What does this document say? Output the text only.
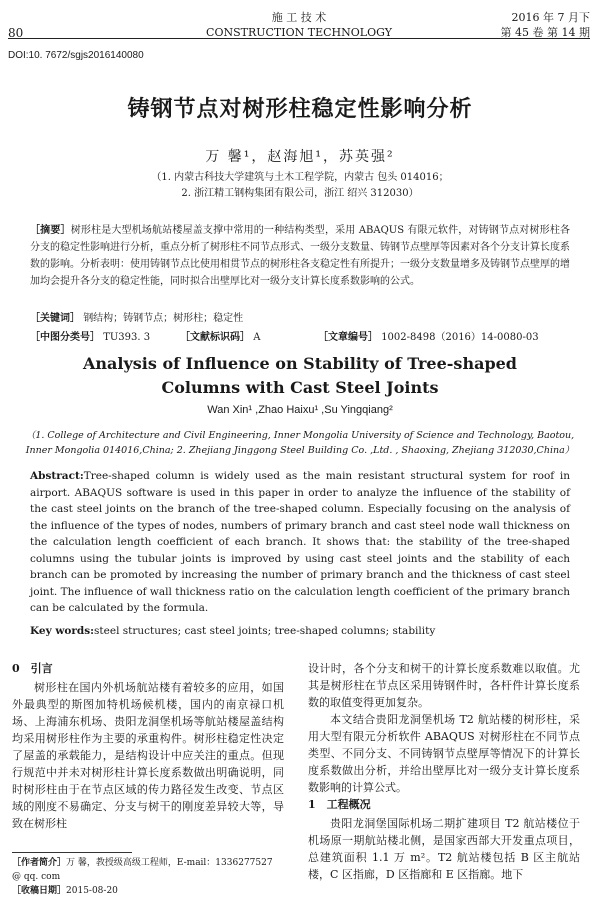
80
施 工 技 术
CONSTRUCTION TECHNOLOGY
2016 年 7 月下
第 45 卷 第 14 期
DOI:10. 7672/sgjs2016140080
铸钢节点对树形柱稳定性影响分析
万 馨¹，赵海旭¹，苏英强²
（1. 内蒙古科技大学建筑与土木工程学院，内蒙古 包头 014016；
2. 浙江精工钢构集团有限公司，浙江 绍兴 312030）
［摘要］树形柱是大型机场航站楼屋盖支撑中常用的一种结构类型，采用 ABAQUS 有限元软件，对铸钢节点对树形柱各分支的稳定性影响进行分析，重点分析了树形柱不同节点形式、一级分支数量、铸钢节点壁厚等因素对各个分支计算长度系数的影响。分析表明：使用铸钢节点比使用相贯节点的树形柱各支稳定性有所提升；一级分支数量增多及铸钢节点壁厚的增加均会提升各分支的稳定性能，同时拟合出壁厚比对一级分支计算长度系数影响的公式。
［关键词］ 钢结构；铸钢节点；树形柱；稳定性
［中图分类号］ TU393. 3	［文献标识码］ A	［文章编号］ 1002-8498（2016）14-0080-03
Analysis of Influence on Stability of Tree-shaped
Columns with Cast Steel Joints
Wan Xin¹ ,Zhao Haixu¹ ,Su Yingqiang²
（1. College of Architecture and Civil Engineering, Inner Mongolia University of Science and Technology, Baotou,
Inner Mongolia 014016,China; 2. Zhejiang Jinggong Steel Building Co. ,Ltd. , Shaoxing, Zhejiang 312030,China）
Abstract:Tree-shaped column is widely used as the main resistant structural system for roof in airport. ABAQUS software is used in this paper in order to analyze the influence of the stability of the cast steel joints on the branch of the tree-shaped column. Especially focusing on the analysis of the influence of the types of nodes, numbers of primary branch and cast steel node wall thickness on the calculation length coefficient of each branch. It shows that: the stability of the tree-shaped columns using the tubular joints is improved by using cast steel joints and the stability of each branch can be promoted by increasing the number of primary branch and the thickness of cast steel joint. The influence of wall thickness ratio on the calculation length coefficient of the primary branch can be calculated by the formula.
Key words:steel structures; cast steel joints; tree-shaped columns; stability

0　引言

树形柱在国内外机场航站楼有着较多的应用，如国外最典型的斯图加特机场候机楼，国内的南京禄口机场、上海浦东机场、贵阳龙洞堡机场等航站楼屋盖结构均采用树形柱作为主要的承重构件。树形柱稳定性决定了屋盖的承载能力，是结构设计中应关注的重点。但现行规范中并未对树形柱计算长度系数做出明确说明，同时树形柱由于在节点区域的传力路径发生改变、节点区域的刚度不易确定、分支与树干的刚度差异较大等，导致在树形柱

设计时，各个分支和树干的计算长度系数难以取值。尤其是树形柱在节点区采用铸钢件时，各杆件计算长度系数的取值变得更加复杂。

本文结合贵阳龙洞堡机场 T2 航站楼的树形柱，采用大型有限元分析软件 ABAQUS 对树形柱在不同节点类型、不同分支、不同铸钢节点壁厚等情况下的计算长度系数做出分析，并给出壁厚比对一级分支计算长度系数影响的计算公式。

1　工程概况

贵阳龙洞堡国际机场二期扩建项目 T2 航站楼位于机场原一期航站楼北侧，是国家西部大开发重点项目，总建筑面积 1.1 万 m²。T2 航站楼包括 B 区主航站楼，C 区指廊，D 区指廊和 E 区指廊。地下

［作者简介］万 馨，教授级高级工程师，E-mail：1336277527 @ qq. com
［收稿日期］2015-08-20
